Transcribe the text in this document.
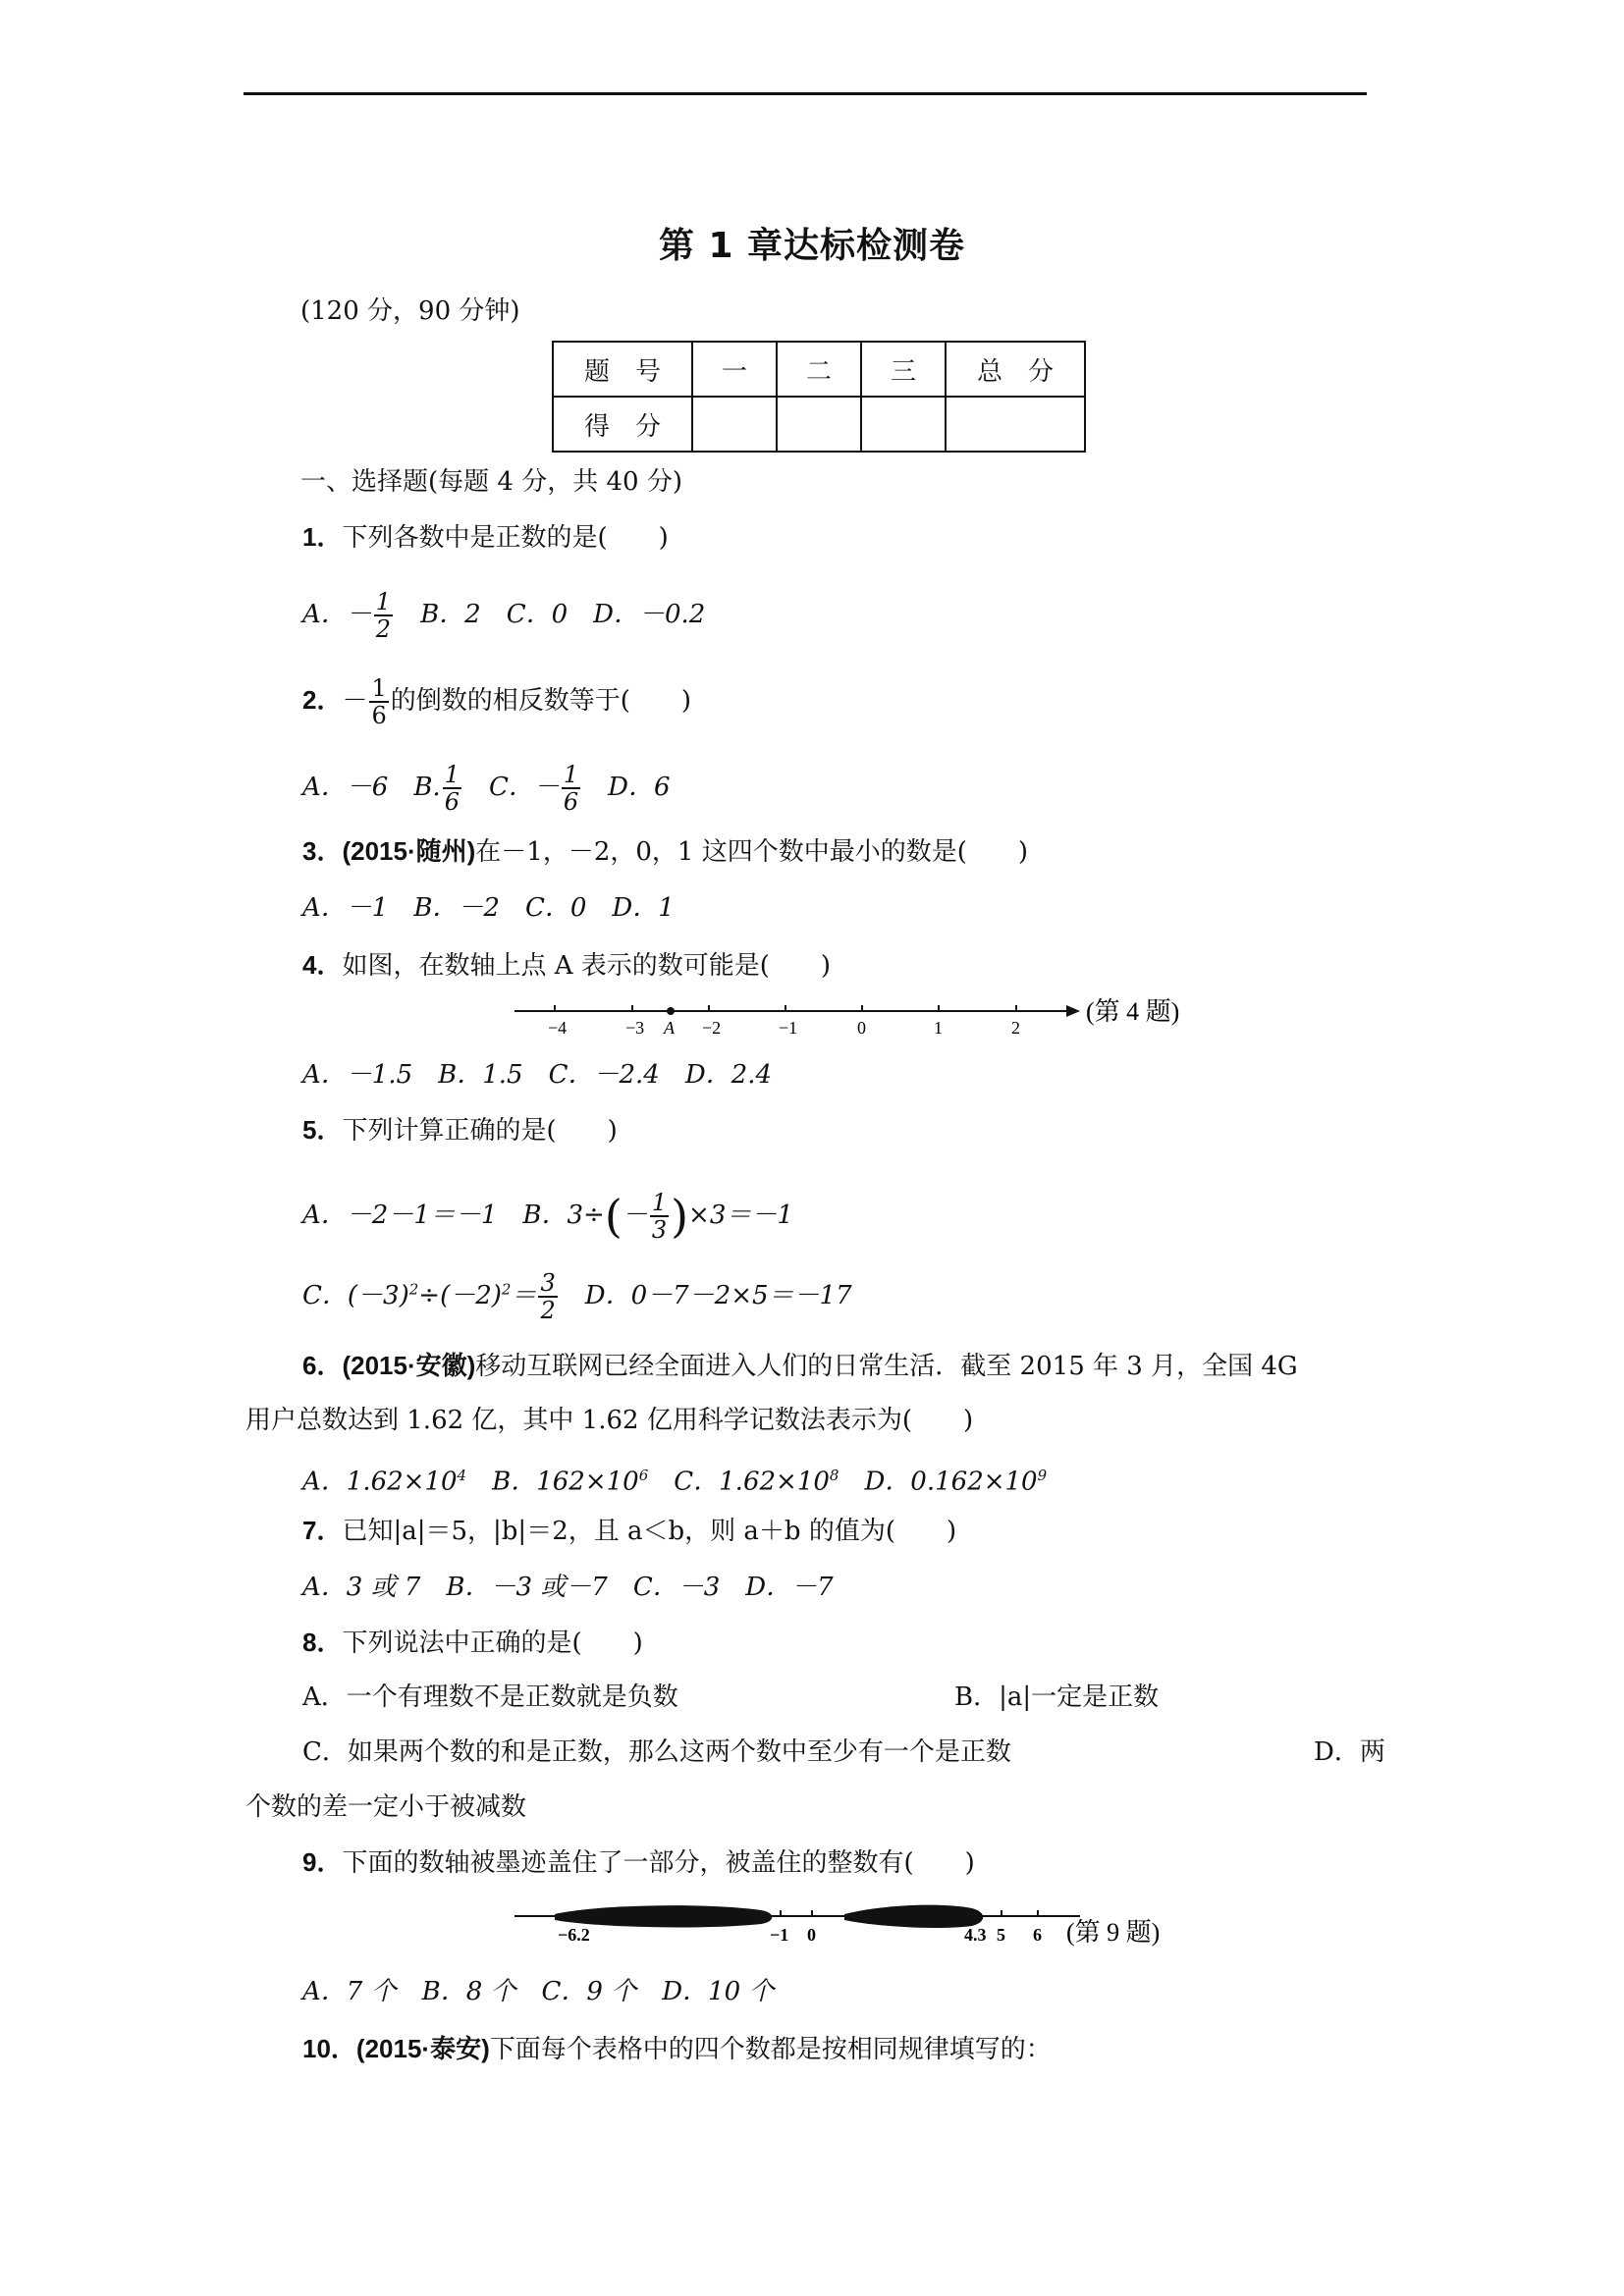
第 1 章达标检测卷
(120 分，90 分钟)
题　号	一	二	三	总　分
得　分				
一、选择题(每题 4 分，共 40 分)
1．下列各数中是正数的是(　　)
A．－ $\frac{1}{2}$ 　B．2　C．0　D．－0.2
2．－ $\frac{1}{6}$ 的倒数的相反数等于(　　)
A．－6　B. $\frac{1}{6}$ 　C．－ $\frac{1}{6}$ 　D．6
3．(2015·随州)在－1，－2，0，1 这四个数中最小的数是(　　)
A．－1　B．－2　C．0　D．1
4．如图，在数轴上点 A 表示的数可能是(　　)
−4	−3	−2	−1	0	1	2
A
(第 4 题)
A．－1.5　B．1.5　C．－2.4　D．2.4
5．下列计算正确的是(　　)
A．－2－1＝－1　B．$3\div(- \frac{1}{3} )\times 3=-1$
C．$(-3)^2\div(-2)^2= \frac{3}{2}$ 　D．0－7－2×5＝－17
6．(2015·安徽)移动互联网已经全面进入人们的日常生活．截至 2015 年 3 月，全国 4G
用户总数达到 1.62 亿，其中 1.62 亿用科学记数法表示为(　　)
A．$1.62\times 10^4$　B．$162\times 10^6$　C．$1.62\times 10^8$　D．$0.162\times 10^9$
7．已知|a|＝5，|b|＝2，且 a＜b，则 a＋b 的值为(　　)
A．3 或 7　B．－3 或－7　C．－3　D．－7
8．下列说法中正确的是(　　)
A．一个有理数不是正数就是负数	B．|a|一定是正数
C．如果两个数的和是正数，那么这两个数中至少有一个是正数	D．两
个数的差一定小于被减数
9．下面的数轴被墨迹盖住了一部分，被盖住的整数有(　　)
−6.2	−1 0	4.3 5 6 (第 9 题)
A．7 个　B．8 个　C．9 个　D．10 个
10．(2015·泰安)下面每个表格中的四个数都是按相同规律填写的：
